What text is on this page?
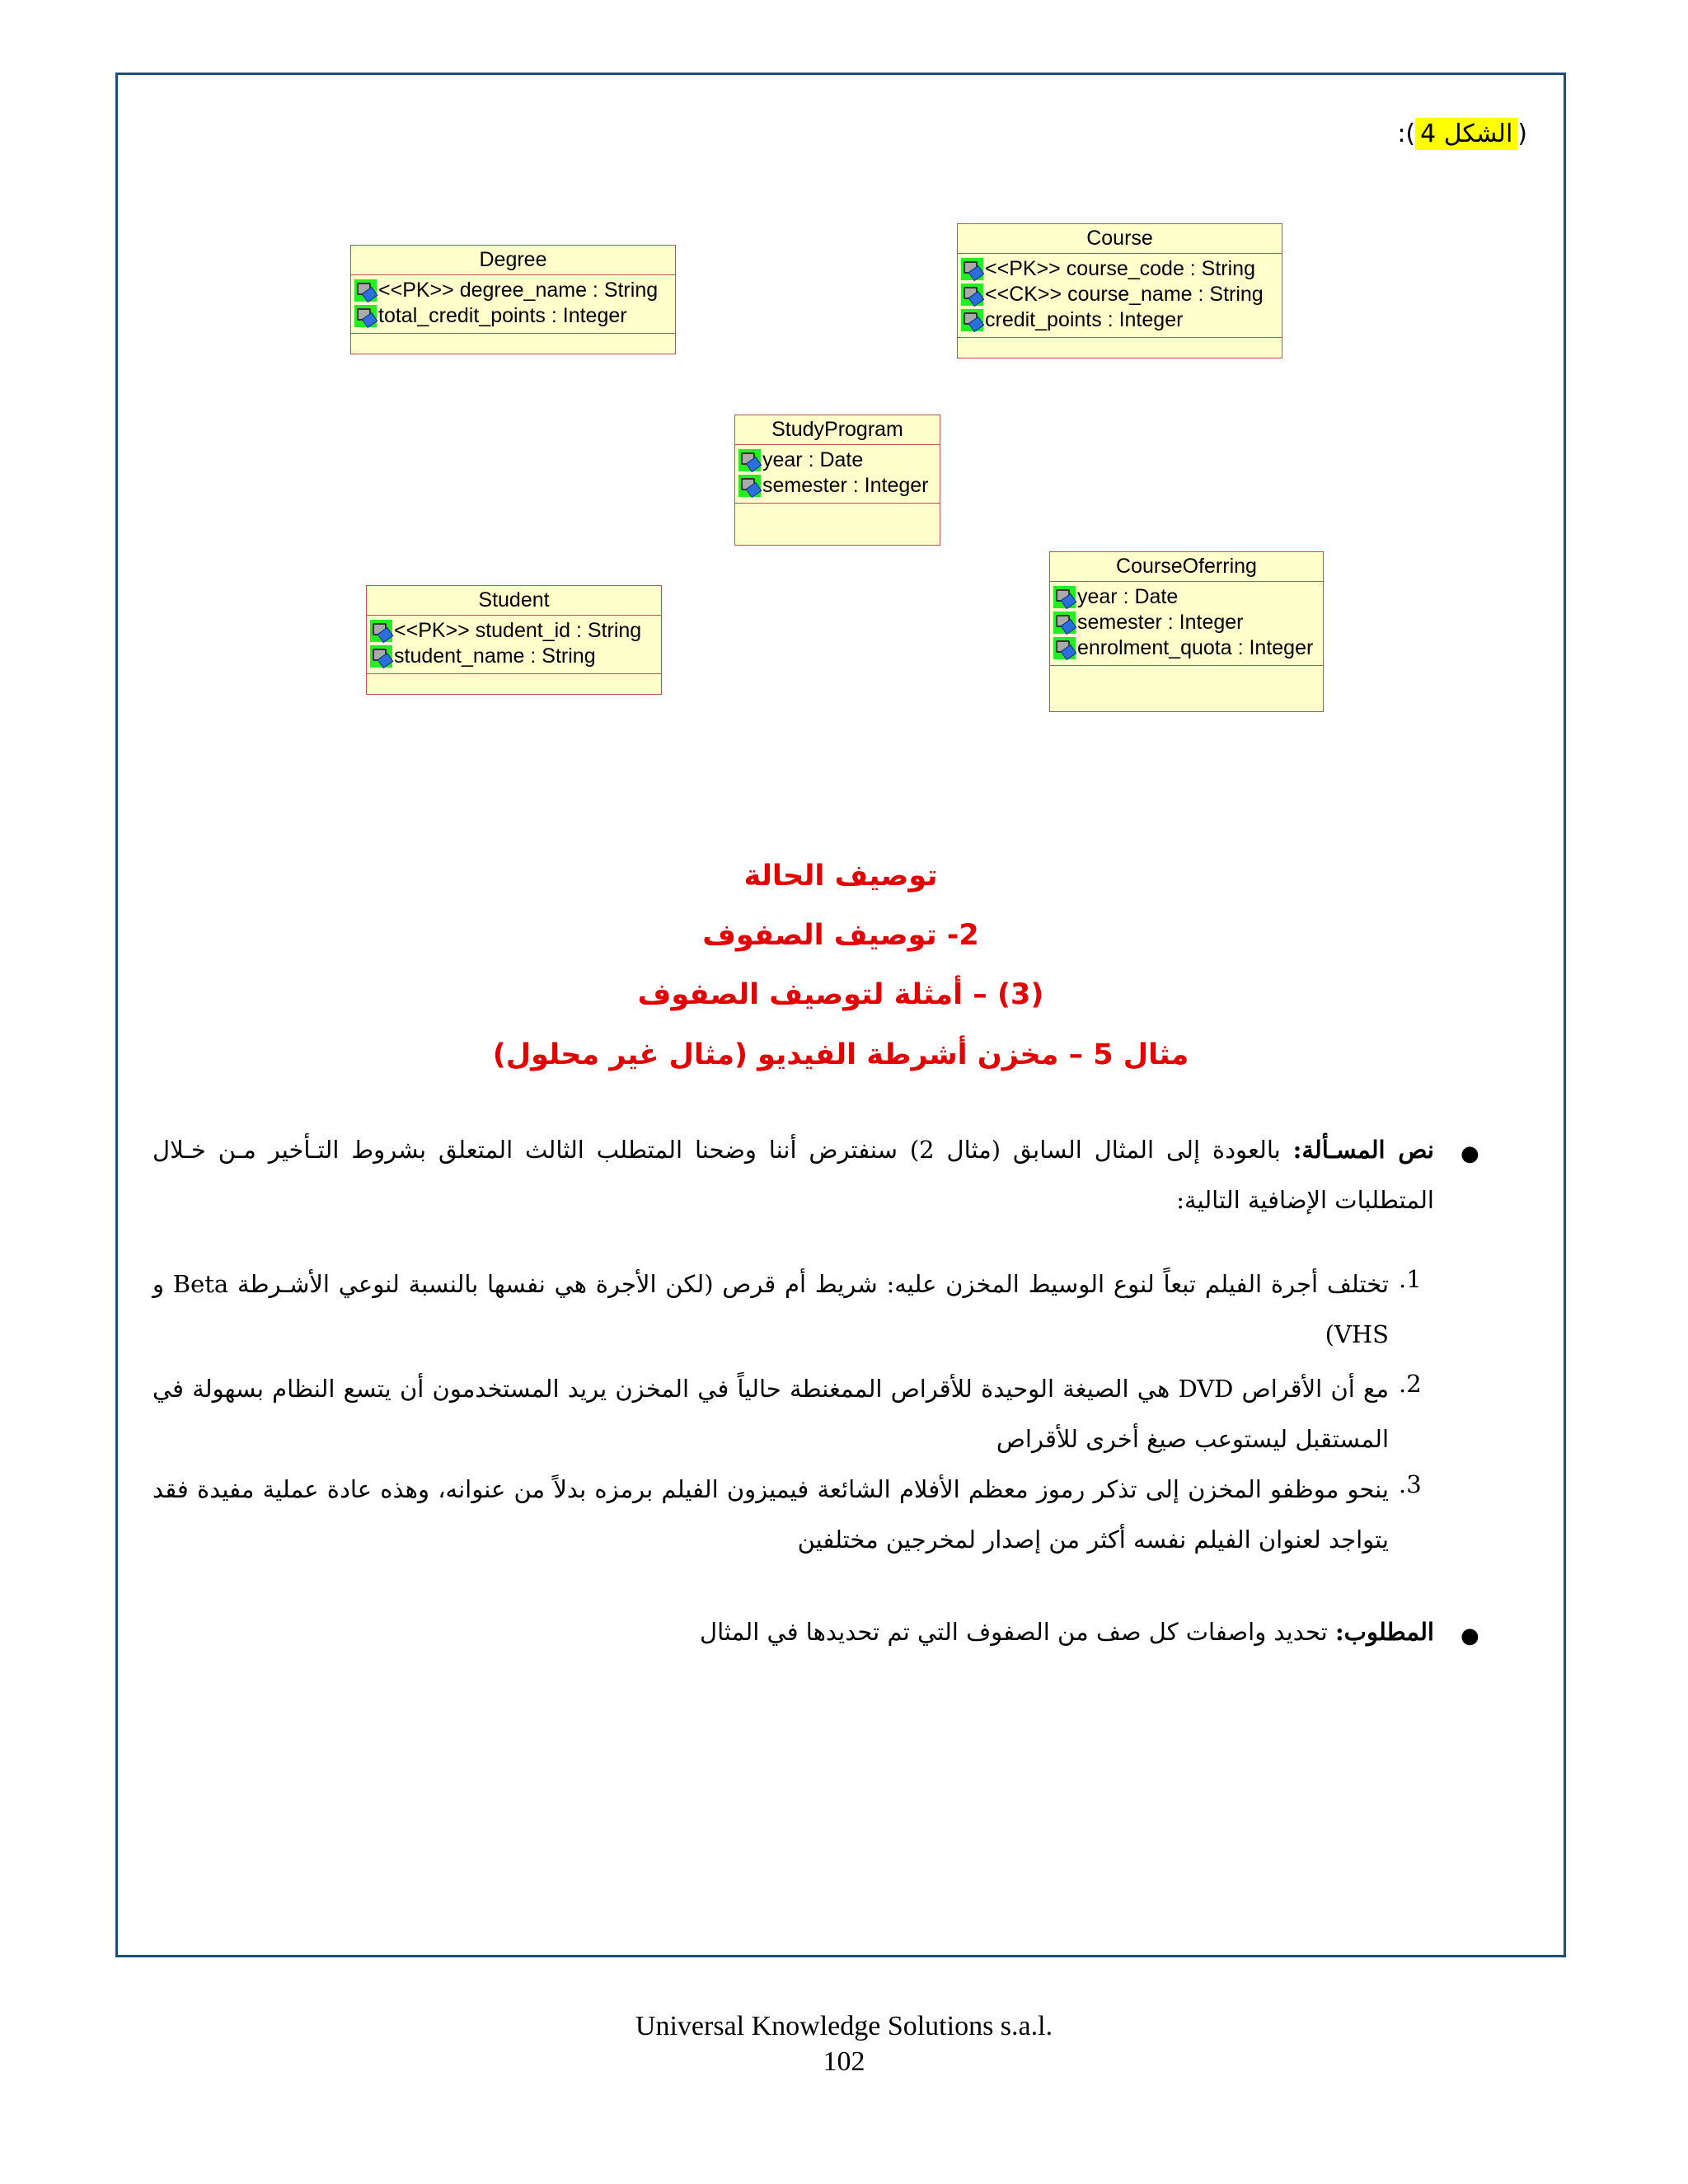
(الشكل 4):
Degree
<<PK>> degree_name : String
total_credit_points : Integer
Course
<<PK>> course_code : String
<<CK>> course_name : String
credit_points : Integer
StudyProgram
year : Date
semester : Integer
Student
<<PK>> student_id : String
student_name : String
CourseOferring
year : Date
semester : Integer
enrolment_quota : Integer
توصيف الحالة
2- توصيف الصفوف
(3) – أمثلة لتوصيف الصفوف
مثال 5 – مخزن أشرطة الفيديو (مثال غير محلول)
●
نص المسـألة: بالعودة إلى المثال السابق (مثال 2) سنفترض أننا وضحنا المتطلب الثالث المتعلق بشروط التـأخير مـن خـلال المتطلبات الإضافية التالية:
.1
تختلف أجرة الفيلم تبعاً لنوع الوسيط المخزن عليه: شريط أم قرص (لكن الأجرة هي نفسها بالنسبة لنوعي الأشـرطة Beta و VHS)
.2
مع أن الأقراص DVD هي الصيغة الوحيدة للأقراص الممغنطة حالياً في المخزن يريد المستخدمون أن يتسع النظام بسهولة في المستقبل ليستوعب صيغ أخرى للأقراص
.3
ينحو موظفو المخزن إلى تذكر رموز معظم الأفلام الشائعة فيميزون الفيلم برمزه بدلاً من عنوانه، وهذه عادة عملية مفيدة فقد يتواجد لعنوان الفيلم نفسه أكثر من إصدار لمخرجين مختلفين
●
المطلوب: تحديد واصفات كل صف من الصفوف التي تم تحديدها في المثال
Universal Knowledge Solutions s.a.l.
102
